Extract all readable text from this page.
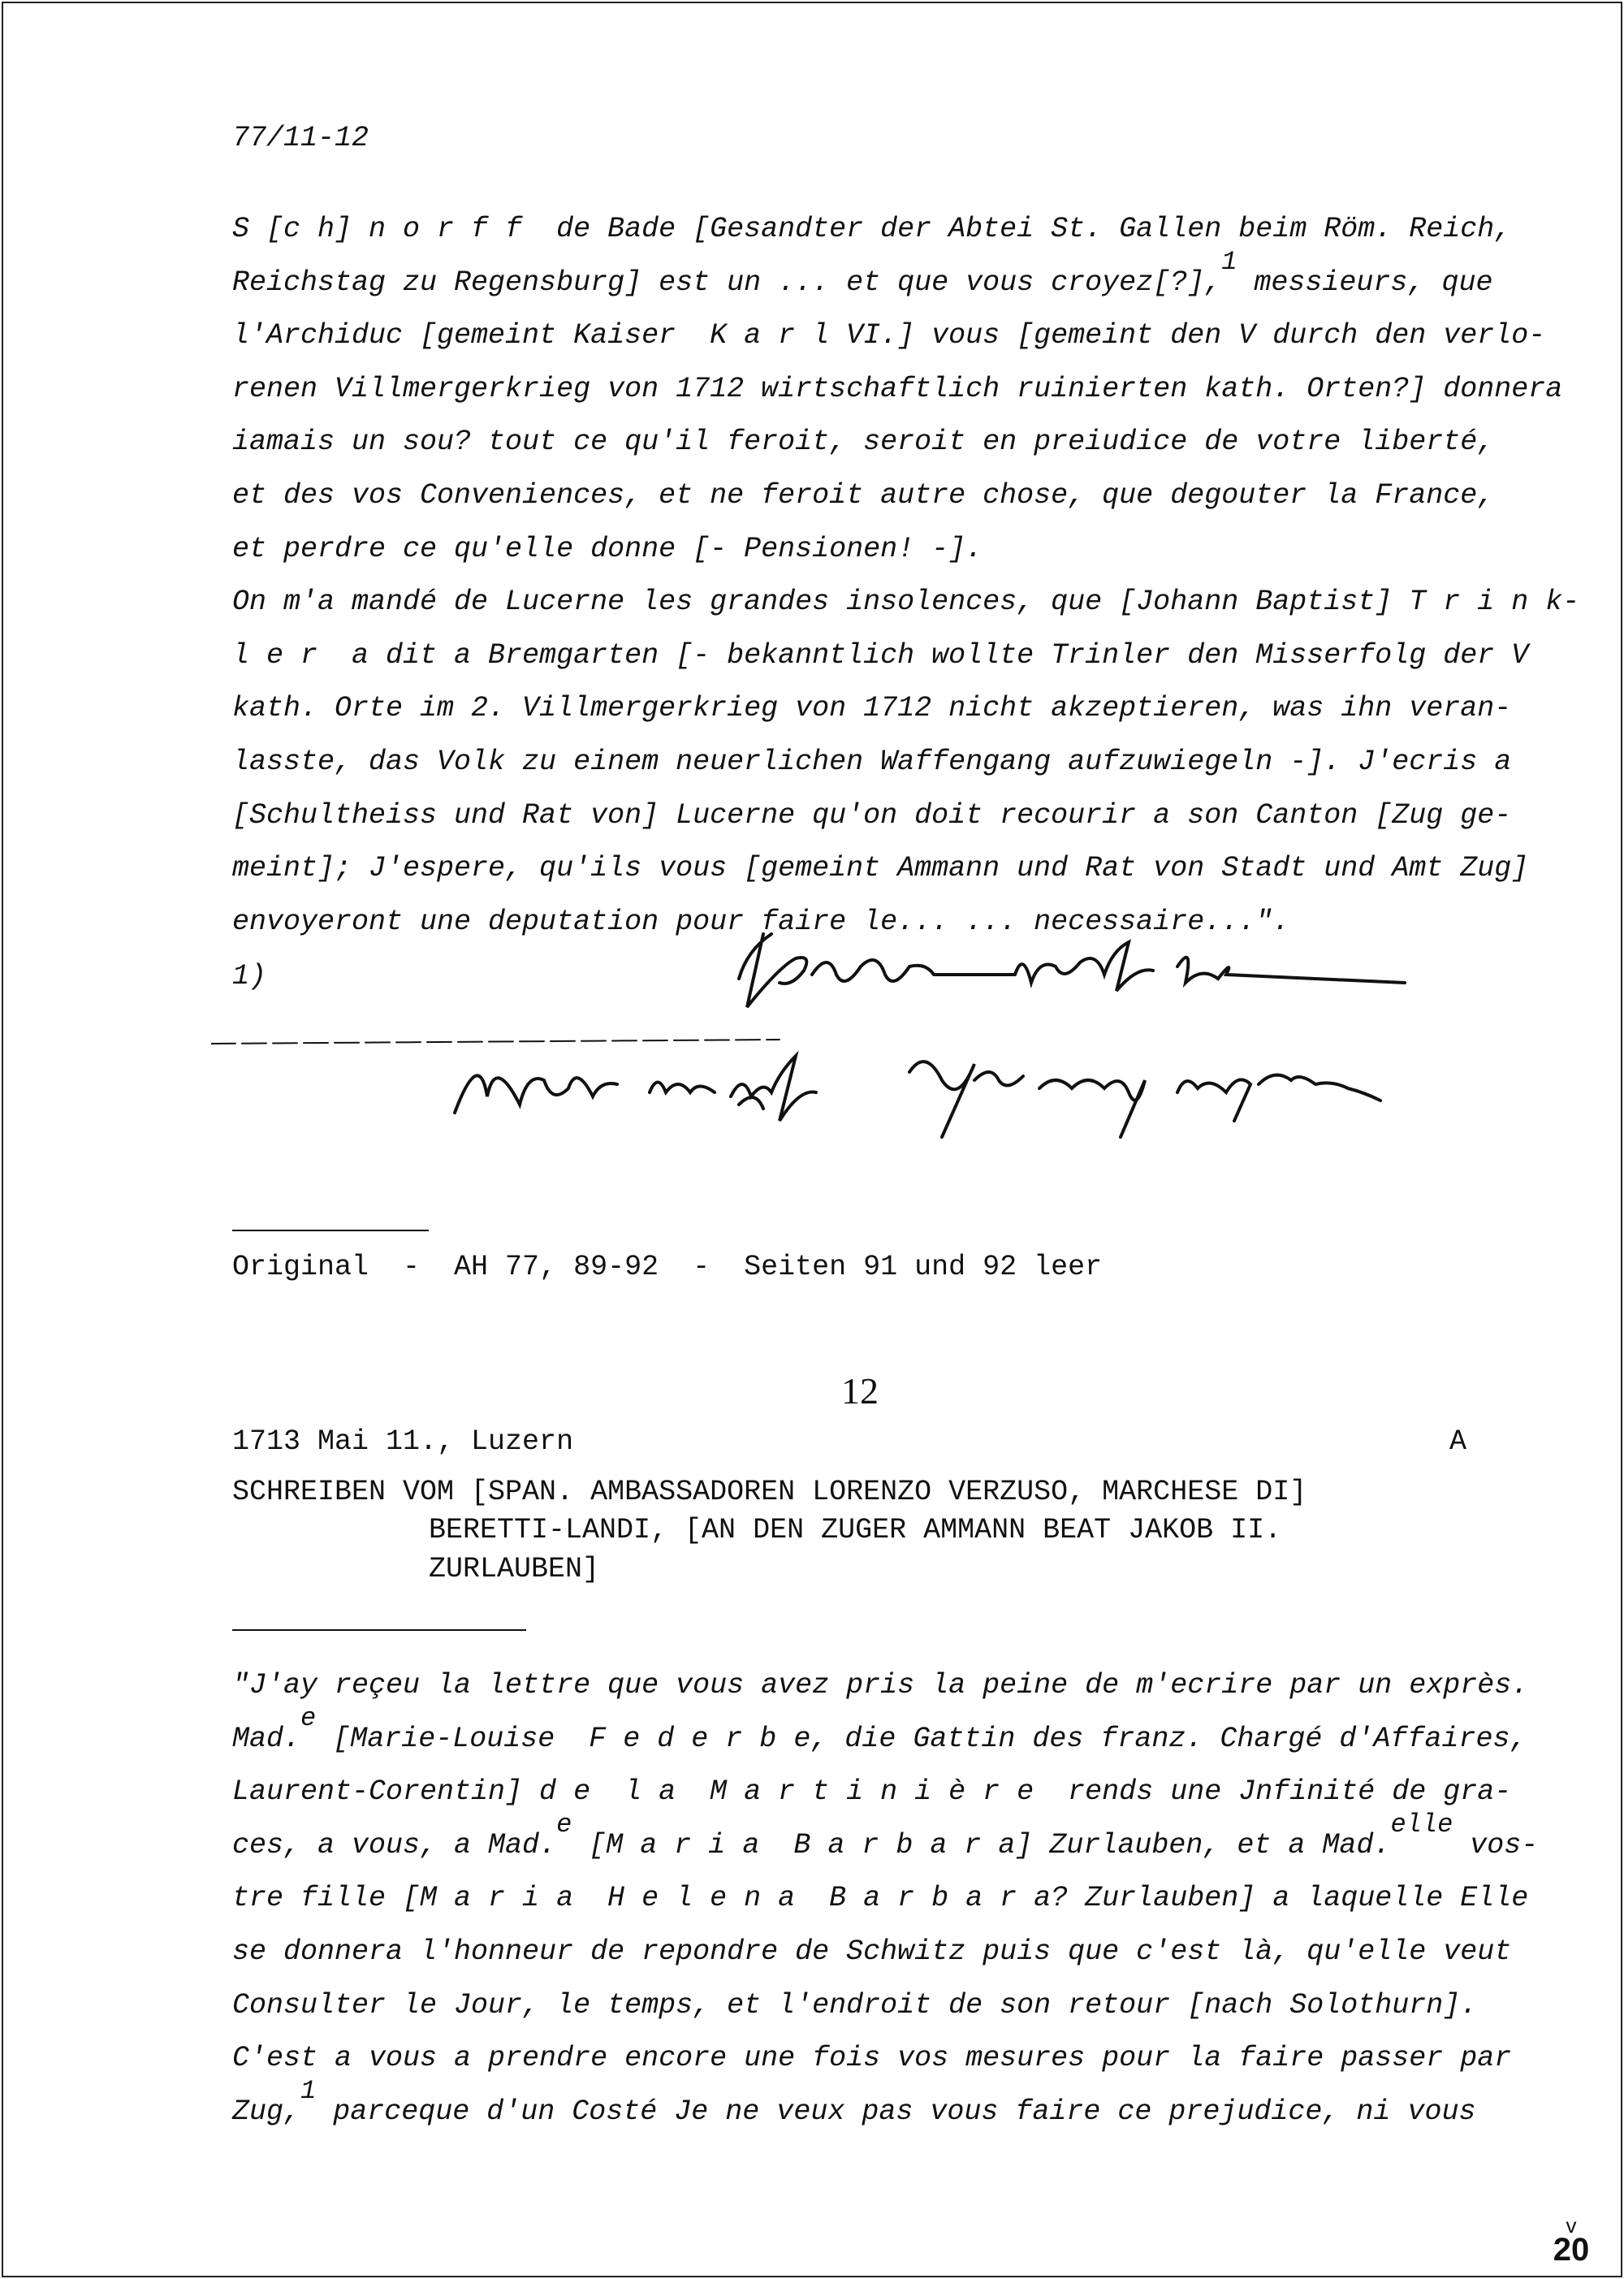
77/11-12
S [c h] n o r f f  de Bade [Gesandter der Abtei St. Gallen beim Röm. Reich,
Reichstag zu Regensburg] est un ... et que vous croyez[?],1 messieurs, que
l'Archiduc [gemeint Kaiser  K a r l VI.] vous [gemeint den V durch den verlo-
renen Villmergerkrieg von 1712 wirtschaftlich ruinierten kath. Orten?] donnera
iamais un sou? tout ce qu'il feroit, seroit en preiudice de votre liberté,
et des vos Conveniences, et ne feroit autre chose, que degouter la France,
et perdre ce qu'elle donne [- Pensionen! -].
On m'a mandé de Lucerne les grandes insolences, que [Johann Baptist] T r i n k-
l e r  a dit a Bremgarten [- bekanntlich wollte Trinler den Misserfolg der V
kath. Orte im 2. Villmergerkrieg von 1712 nicht akzeptieren, was ihn veran-
lasste, das Volk zu einem neuerlichen Waffengang aufzuwiegeln -]. J'ecris a
[Schultheiss und Rat von] Lucerne qu'on doit recourir a son Canton [Zug ge-
meint]; J'espere, qu'ils vous [gemeint Ammann und Rat von Stadt und Amt Zug]
envoyeront une deputation pour faire le... ... necessaire...".
1)
Original  -  AH 77, 89-92  -  Seiten 91 und 92 leer
12
1713 Mai 11., Luzern	A
SCHREIBEN VOM [SPAN. AMBASSADOREN LORENZO VERZUSO, MARCHESE DI]
BERETTI-LANDI, [AN DEN ZUGER AMMANN BEAT JAKOB II.
ZURLAUBEN]
"J'ay reçeu la lettre que vous avez pris la peine de m'ecrire par un exprès.
Mad.e [Marie-Louise  F e d e r b e, die Gattin des franz. Chargé d'Affaires,
Laurent-Corentin] d e  l a  M a r t i n i è r e  rends une Jnfinité de gra-
ces, a vous, a Mad.e [M a r i a  B a r b a r a] Zurlauben, et a Mad.elle vos-
tre fille [M a r i a  H e l e n a  B a r b a r a? Zurlauben] a laquelle Elle
se donnera l'honneur de repondre de Schwitz puis que c'est là, qu'elle veut
Consulter le Jour, le temps, et l'endroit de son retour [nach Solothurn].
C'est a vous a prendre encore une fois vos mesures pour la faire passer par
Zug,1 parceque d'un Costé Je ne veux pas vous faire ce prejudice, ni vous
v
20
